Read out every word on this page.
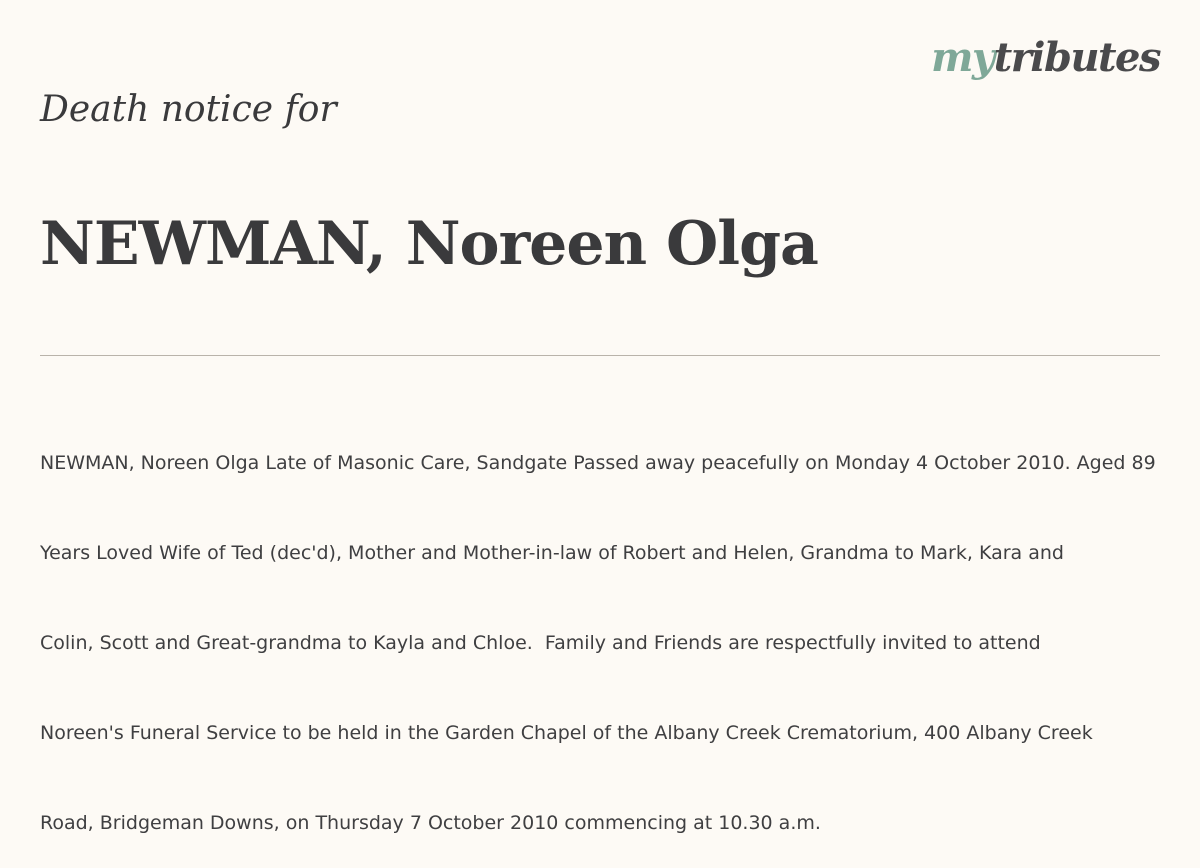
mytributes
Death notice for
NEWMAN, Noreen Olga

NEWMAN, Noreen Olga Late of Masonic Care, Sandgate Passed away peacefully on Monday 4 October 2010. Aged 89

Years Loved Wife of Ted (dec'd), Mother and Mother-in-law of Robert and Helen, Grandma to Mark, Kara and

Colin, Scott and Great-grandma to Kayla and Chloe.  Family and Friends are respectfully invited to attend

Noreen's Funeral Service to be held in the Garden Chapel of the Albany Creek Crematorium, 400 Albany Creek

Road, Bridgeman Downs, on Thursday 7 October 2010 commencing at 10.30 a.m.
